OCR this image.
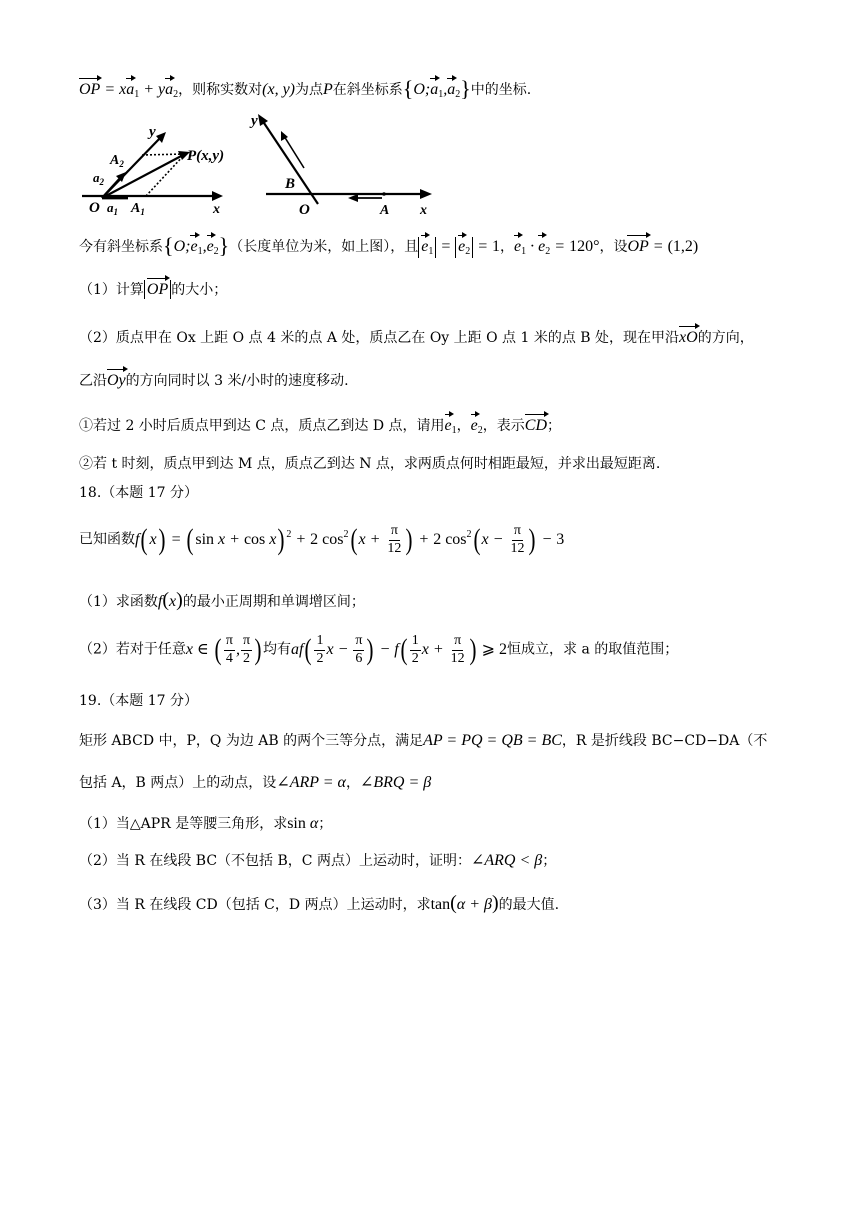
OP = $xa_1 + ya_2$，则称实数对(x, y)为点P在斜坐标系$\{O;a_1,a_2\}$中的坐标.
y
$A_2$
$a_2$
P(x,y)
O $a_1$ $A_1$	x
y
B
O	A x
今有斜坐标系$\{O;e_1,e_2\}$（长度单位为米，如上图），且 $e_1 = e_2 = 1$，$e_1 \cdot e_2 = 120^\circ$，设OP = (1,2)
（1）计算 OP 的大小；
（2）质点甲在 Ox 上距 O 点 4 米的点 A 处，质点乙在 Oy 上距 O 点 1 米的点 B 处，现在甲沿xO的方向，
乙沿Oy的方向同时以 3 米/小时的速度移动.
①若过 2 小时后质点甲到达 C 点，质点乙到达 D 点，请用$e_1$，$e_2$，表示CD；
②若 t 时刻，质点甲到达 M 点，质点乙到达 N 点，求两质点何时相距最短，并求出最短距离.
18.（本题 17 分）
已知函数f(x) = (sin x + cos x) $^2$ + 2 $\cos^2(x + \frac{\pi}{12}$ ) + 2 $\cos^2(x - \frac{\pi}{12}$ ) − 3
（1）求函数f(x)的最小正周期和单调增区间；
（2）若对于任意x ∈ ( $\frac{\pi}{4}$ , $\frac{\pi}{2}$ ) 均有$af( \frac{1}{2}$ $x - \frac{\pi}{6}$ ) − $f( \frac{1}{2}$ $x + \frac{\pi}{12}$ ) ⩾ 2恒成立，求 a 的取值范围；
19.（本题 17 分）
矩形 ABCD 中，P，Q 为边 AB 的两个三等分点，满足AP = PQ = QB = BC，R 是折线段 BC−CD−DA（不
包括 A，B 两点）上的动点，设∠ARP = α，∠BRQ = β
（1）当△APR 是等腰三角形，求sin α；
（2）当 R 在线段 BC（不包括 B，C 两点）上运动时，证明：∠ARQ < β；
（3）当 R 在线段 CD（包括 C，D 两点）上运动时，求tan(α + β)的最大值.
